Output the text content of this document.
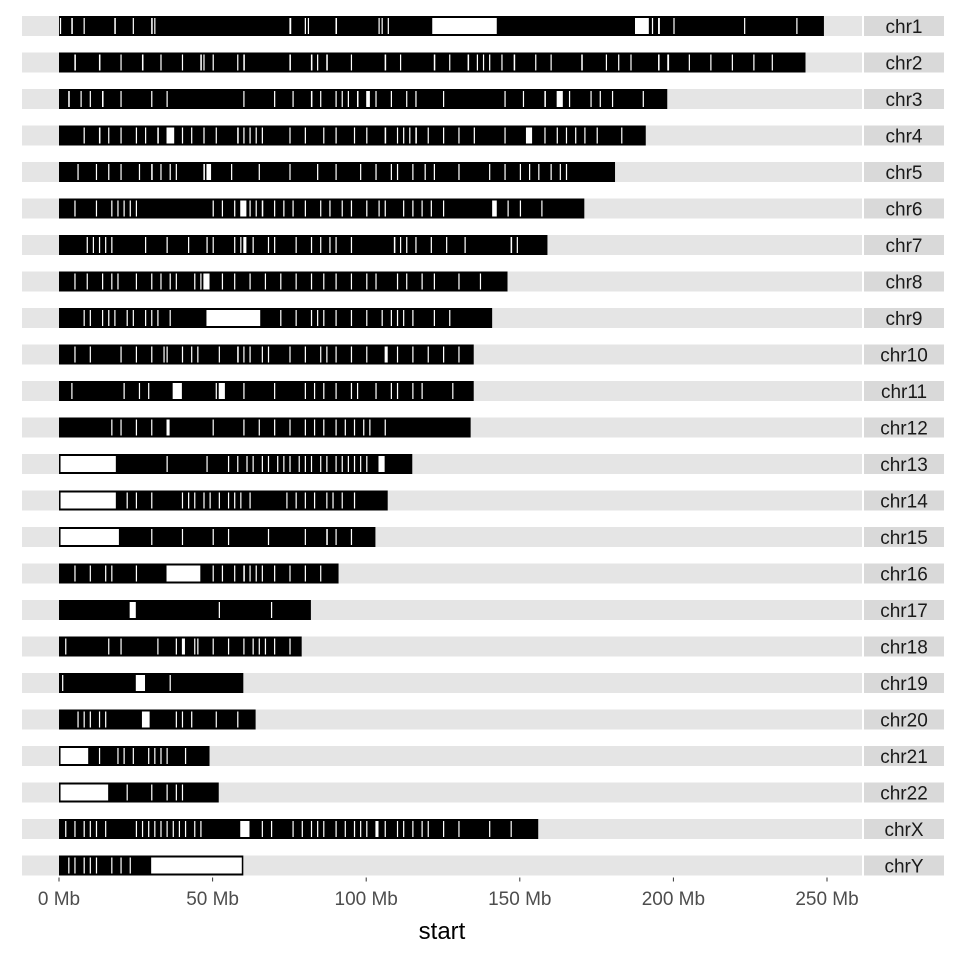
chr1
chr2
chr3
chr4
chr5
chr6
chr7
chr8
chr9
chr10
chr11
chr12
chr13
chr14
chr15
chr16
chr17
chr18
chr19
chr20
chr21
chr22
chrX
chrY
0 Mb	50 Mb	100 Mb	150 Mb	200 Mb	250 Mb
start
